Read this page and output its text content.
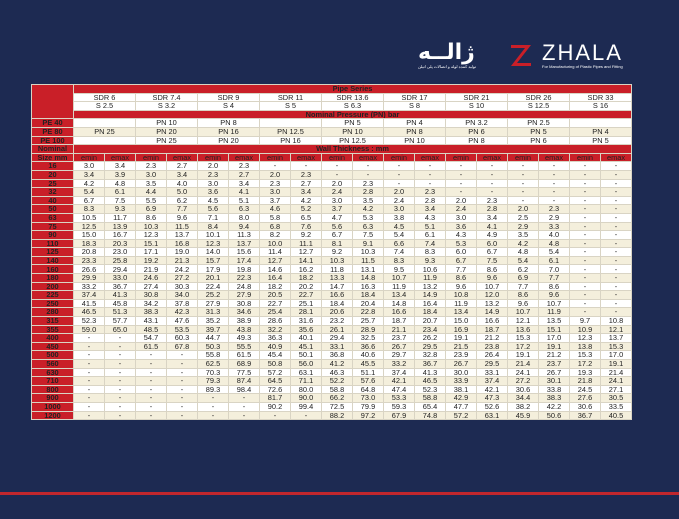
ژالــه
تولید کننده لوله و اتصالات پلی اتیلن
ZHALA
For Manufacturing of Plastic Pipes and Fitting
	Pipe Series																	
	SDR 6		SDR 7.4		SDR 9		SDR 11		SDR 13.6		SDR 17		SDR 21		SDR 26		SDR 33	
	S 2.5		S 3.2		S 4		S 5		S 6.3		S 8		S 10		S 12.5		S 16	
	Nominal Pressure (PN) bar																	
PE 40			PN 10		PN 8				PN 5		PN 4		PN 3.2		PN 2.5			
PE 80	PN 25		PN 20		PN 16		PN 12.5		PN 10		PN 8		PN 6		PN 5		PN 4	
PE 100			PN 25		PN 20		PN 16		PN 12.5		PN 10		PN 8		PN 6		PN 5	
Nominal	Wall Thickness : mm																	
Size mm	emin	emax	emin	emax	emin	emax	emin	emax	emin	emax	emin	emax	emin	emax	emin	emax	emin	emax
16	3.0	3.4	2.3	2.7	2.0	2.3	-	-	-	-	-	-	-	-	-	-	-	-
20	3.4	3.9	3.0	3.4	2.3	2.7	2.0	2.3	-	-	-	-	-	-	-	-	-	-
25	4.2	4.8	3.5	4.0	3.0	3.4	2.3	2.7	2.0	2.3	-	-	-	-	-	-	-	-
32	5.4	6.1	4.4	5.0	3.6	4.1	3.0	3.4	2.4	2.8	2.0	2.3	-	-	-	-	-	-
40	6.7	7.5	5.5	6.2	4.5	5.1	3.7	4.2	3.0	3.5	2.4	2.8	2.0	2.3	-	-	-	-
50	8.3	9.3	6.9	7.7	5.6	6.3	4.6	5.2	3.7	4.2	3.0	3.4	2.4	2.8	2.0	2.3	-	-
63	10.5	11.7	8.6	9.6	7.1	8.0	5.8	6.5	4.7	5.3	3.8	4.3	3.0	3.4	2.5	2.9	-	-
75	12.5	13.9	10.3	11.5	8.4	9.4	6.8	7.6	5.6	6.3	4.5	5.1	3.6	4.1	2.9	3.3	-	-
90	15.0	16.7	12.3	13.7	10.1	11.3	8.2	9.2	6.7	7.5	5.4	6.1	4.3	4.9	3.5	4.0	-	-
110	18.3	20.3	15.1	16.8	12.3	13.7	10.0	11.1	8.1	9.1	6.6	7.4	5.3	6.0	4.2	4.8	-	-
125	20.8	23.0	17.1	19.0	14.0	15.6	11.4	12.7	9.2	10.3	7.4	8.3	6.0	6.7	4.8	5.4	-	-
140	23.3	25.8	19.2	21.3	15.7	17.4	12.7	14.1	10.3	11.5	8.3	9.3	6.7	7.5	5.4	6.1	-	-
160	26.6	29.4	21.9	24.2	17.9	19.8	14.6	16.2	11.8	13.1	9.5	10.6	7.7	8.6	6.2	7.0	-	-
180	29.9	33.0	24.6	27.2	20.1	22.3	16.4	18.2	13.3	14.8	10.7	11.9	8.6	9.6	6.9	7.7	-	-
200	33.2	36.7	27.4	30.3	22.4	24.8	18.2	20.2	14.7	16.3	11.9	13.2	9.6	10.7	7.7	8.6	-	-
225	37.4	41.3	30.8	34.0	25.2	27.9	20.5	22.7	16.6	18.4	13.4	14.9	10.8	12.0	8.6	9.6	-	-
250	41.5	45.8	34.2	37.8	27.9	30.8	22.7	25.1	18.4	20.4	14.8	16.4	11.9	13.2	9.6	10.7	-	-
280	46.5	51.3	38.3	42.3	31.3	34.6	25.4	28.1	20.6	22.8	16.6	18.4	13.4	14.9	10.7	11.9	-	-
315	52.3	57.7	43.1	47.6	35.2	38.9	28.6	31.6	23.2	25.7	18.7	20.7	15.0	16.6	12.1	13.5	9.7	10.8
355	59.0	65.0	48.5	53.5	39.7	43.8	32.2	35.6	26.1	28.9	21.1	23.4	16.9	18.7	13.6	15.1	10.9	12.1
400	-	-	54.7	60.3	44.7	49.3	36.3	40.1	29.4	32.5	23.7	26.2	19.1	21.2	15.3	17.0	12.3	13.7
450	-	-	61.5	67.8	50.3	55.5	40.9	45.1	33.1	36.6	26.7	29.5	21.5	23.8	17.2	19.1	13.8	15.3
500	-	-	-	-	55.8	61.5	45.4	50.1	36.8	40.6	29.7	32.8	23.9	26.4	19.1	21.2	15.3	17.0
560	-	-	-	-	62.5	68.9	50.8	56.0	41.2	45.5	33.2	36.7	26.7	29.5	21.4	23.7	17.2	19.1
630	-	-	-	-	70.3	77.5	57.2	63.1	46.3	51.1	37.4	41.3	30.0	33.1	24.1	26.7	19.3	21.4
710	-	-	-	-	79.3	87.4	64.5	71.1	52.2	57.6	42.1	46.5	33.9	37.4	27.2	30.1	21.8	24.1
800	-	-	-	-	89.3	98.4	72.6	80.0	58.8	64.8	47.4	52.3	38.1	42.1	30.6	33.8	24.5	27.1
900	-	-	-	-	-	-	81.7	90.0	66.2	73.0	53.3	58.8	42.9	47.3	34.4	38.3	27.6	30.5
1000	-	-	-	-	-	-	90.2	99.4	72.5	79.9	59.3	65.4	47.7	52.6	38.2	42.2	30.6	33.5
1200	-	-	-	-	-	-	-	-	88.2	97.2	67.9	74.8	57.2	63.1	45.9	50.6	36.7	40.5
